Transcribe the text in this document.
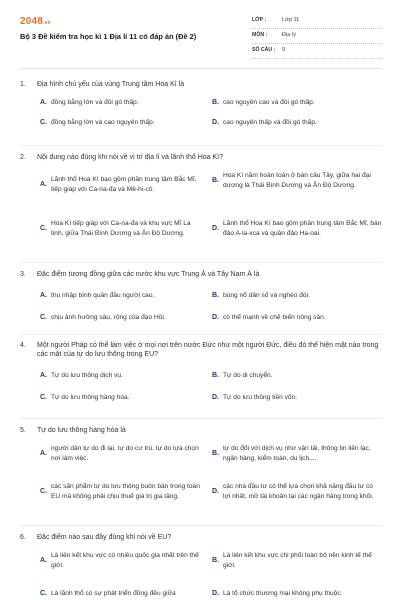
2048.vn
Bộ 3 Đề kiểm tra học kì 1 Địa lí 11 có đáp án (Đề 2)
LỚP :	Lớp 11
MÔN :	Địa lý
SỐ CÂU :	9
1.	Địa hình chủ yếu của vùng Trung tâm Hoa Kì là
A. đồng bằng lớn và đồi gò thấp.	B. cao nguyên cao và đồi gò thấp.
C. đồng bằng lớn và cao nguyên thấp.	D. cao nguyên thấp và đồi gò thấp.
2.	Nội dung nào đúng khi nói về vị trí địa lí và lãnh thổ Hoa Kì?
A.
Lãnh thổ Hoa Kì bao gồm phần trung tâm Bắc Mĩ, tiếp giáp với Ca-na-đa và Mê-hi-cô.
B.
Hoa Kì nằm hoàn toàn ở bán cầu Tây, giữa hai đại dương là Thái Bình Dương và Ấn Độ Dương.
C.
Hoa Kì tiếp giáp với Ca-na-đa và khu vực Mĩ La tinh, giữa Thái Bình Dương và Ấn Độ Dương.
D.
Lãnh thổ Hoa Kì bao gồm phần trung tâm Bắc Mĩ, bán đảo A-la-xca và quần đảo Ha-oai.
3.	Đặc điểm tương đồng giữa các nước khu vực Trung Á và Tây Nam Á là
A. thu nhập bình quân đầu người cao.	B. bùng nổ dân số và nghèo đói.
C. chịu ảnh hưởng sâu, rộng của đạo Hồi.	D. có thế mạnh về chế biến nông sản.
4.	Một người Pháp có thể làm việc ở mọi nơi trên nước Đức như một người Đức, điều đó thể hiện mặt nào trong các mặt của tự do lưu thông trong EU?
A. Tự do lưu thông dịch vụ.	B. Tự do di chuyển.
C. Tự do lưu thông hàng hóa.	D. Tự do lưu thông tiền vốn.
5.	Tự do lưu thông hàng hóa là
A.
người dân tự do đi lại, tự do cư trú, tự do lựa chọn nơi làm việc.
B.
tự do đối với dịch vụ như vận tải, thông tin liên lạc, ngân hàng, kiểm toán, du lịch,...
C.
các sản phẩm tự do lưu thông buôn bán trong toàn EU mà không phải chịu thuế giá trị gia tăng.
D.
các nhà đầu tư có thể lựa chọn khả năng đầu tư có lợi nhất, mở tài khoản tại các ngân hàng trong khối.
6.	Đặc điểm nào sau đây đúng khi nói về EU?
A.
Là liên kết khu vực có nhiều quốc gia nhất trên thế giới.
B.
Là liên kết khu vực chi phối toàn bộ nền kinh tế thế giới.
C. Là lãnh thổ có sự phát triển đồng đều giữa	D. Là tổ chức thương mại không phụ thuộc
